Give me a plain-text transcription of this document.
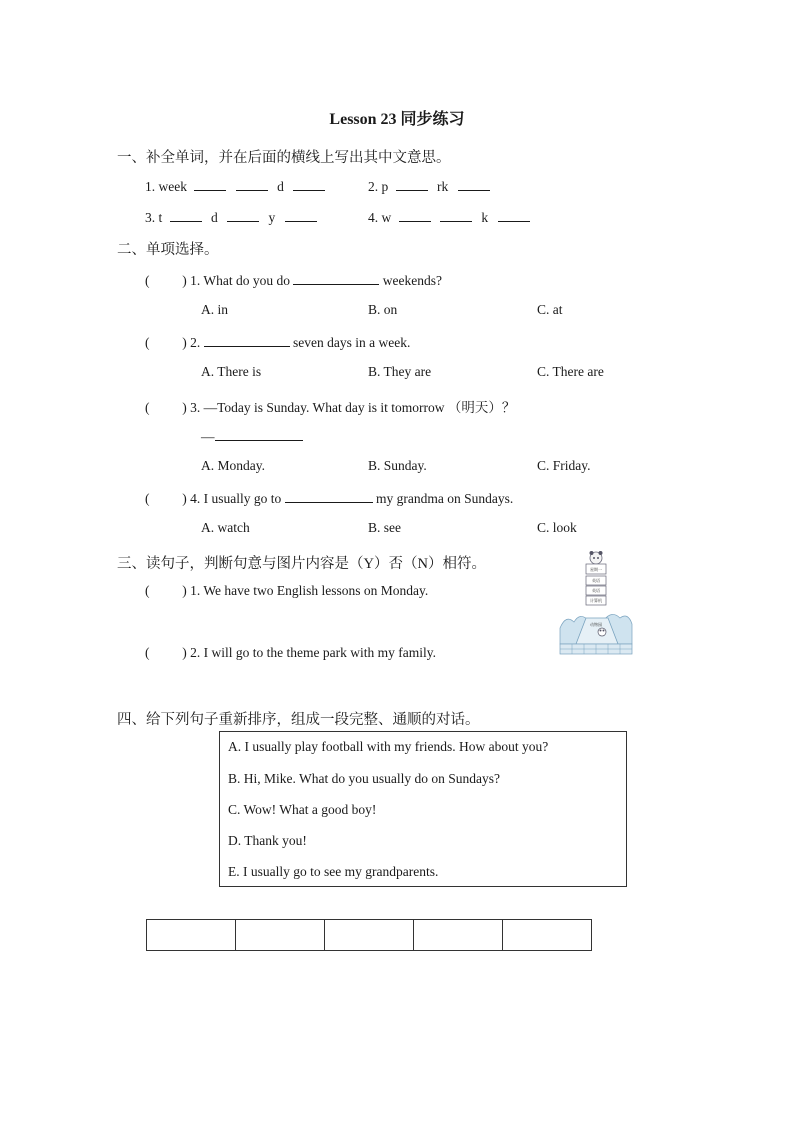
Lesson 23 同步练习
一、补全单词，并在后面的横线上写出其中文意思。
1. week	d	2. p	rk
3. t	d	y	4. w	k
二、单项选择。
( ) 1. What do you do	weekends?
A. in	B. on	C. at
( ) 2.	seven days in a week.
A. There is	B. They are	C. There are
( ) 3. —Today is Sunday. What day is it tomorrow （明天）？
—
A. Monday.	B. Sunday.	C. Friday.
( ) 4. I usually go to	my grandma on Sundays.
A. watch	B. see	C. look
三、读句子，判断句意与图片内容是（Y）否（N）相符。
( ) 1. We have two English lessons on Monday.
( ) 2. I will go to the theme park with my family.
星期一
英语
英语
计算机
动物园
四、给下列句子重新排序，组成一段完整、通顺的对话。
A. I usually play football with my friends. How about you?
B. Hi, Mike. What do you usually do on Sundays?
C. Wow! What a good boy!
D. Thank you!
E. I usually go to see my grandparents.
